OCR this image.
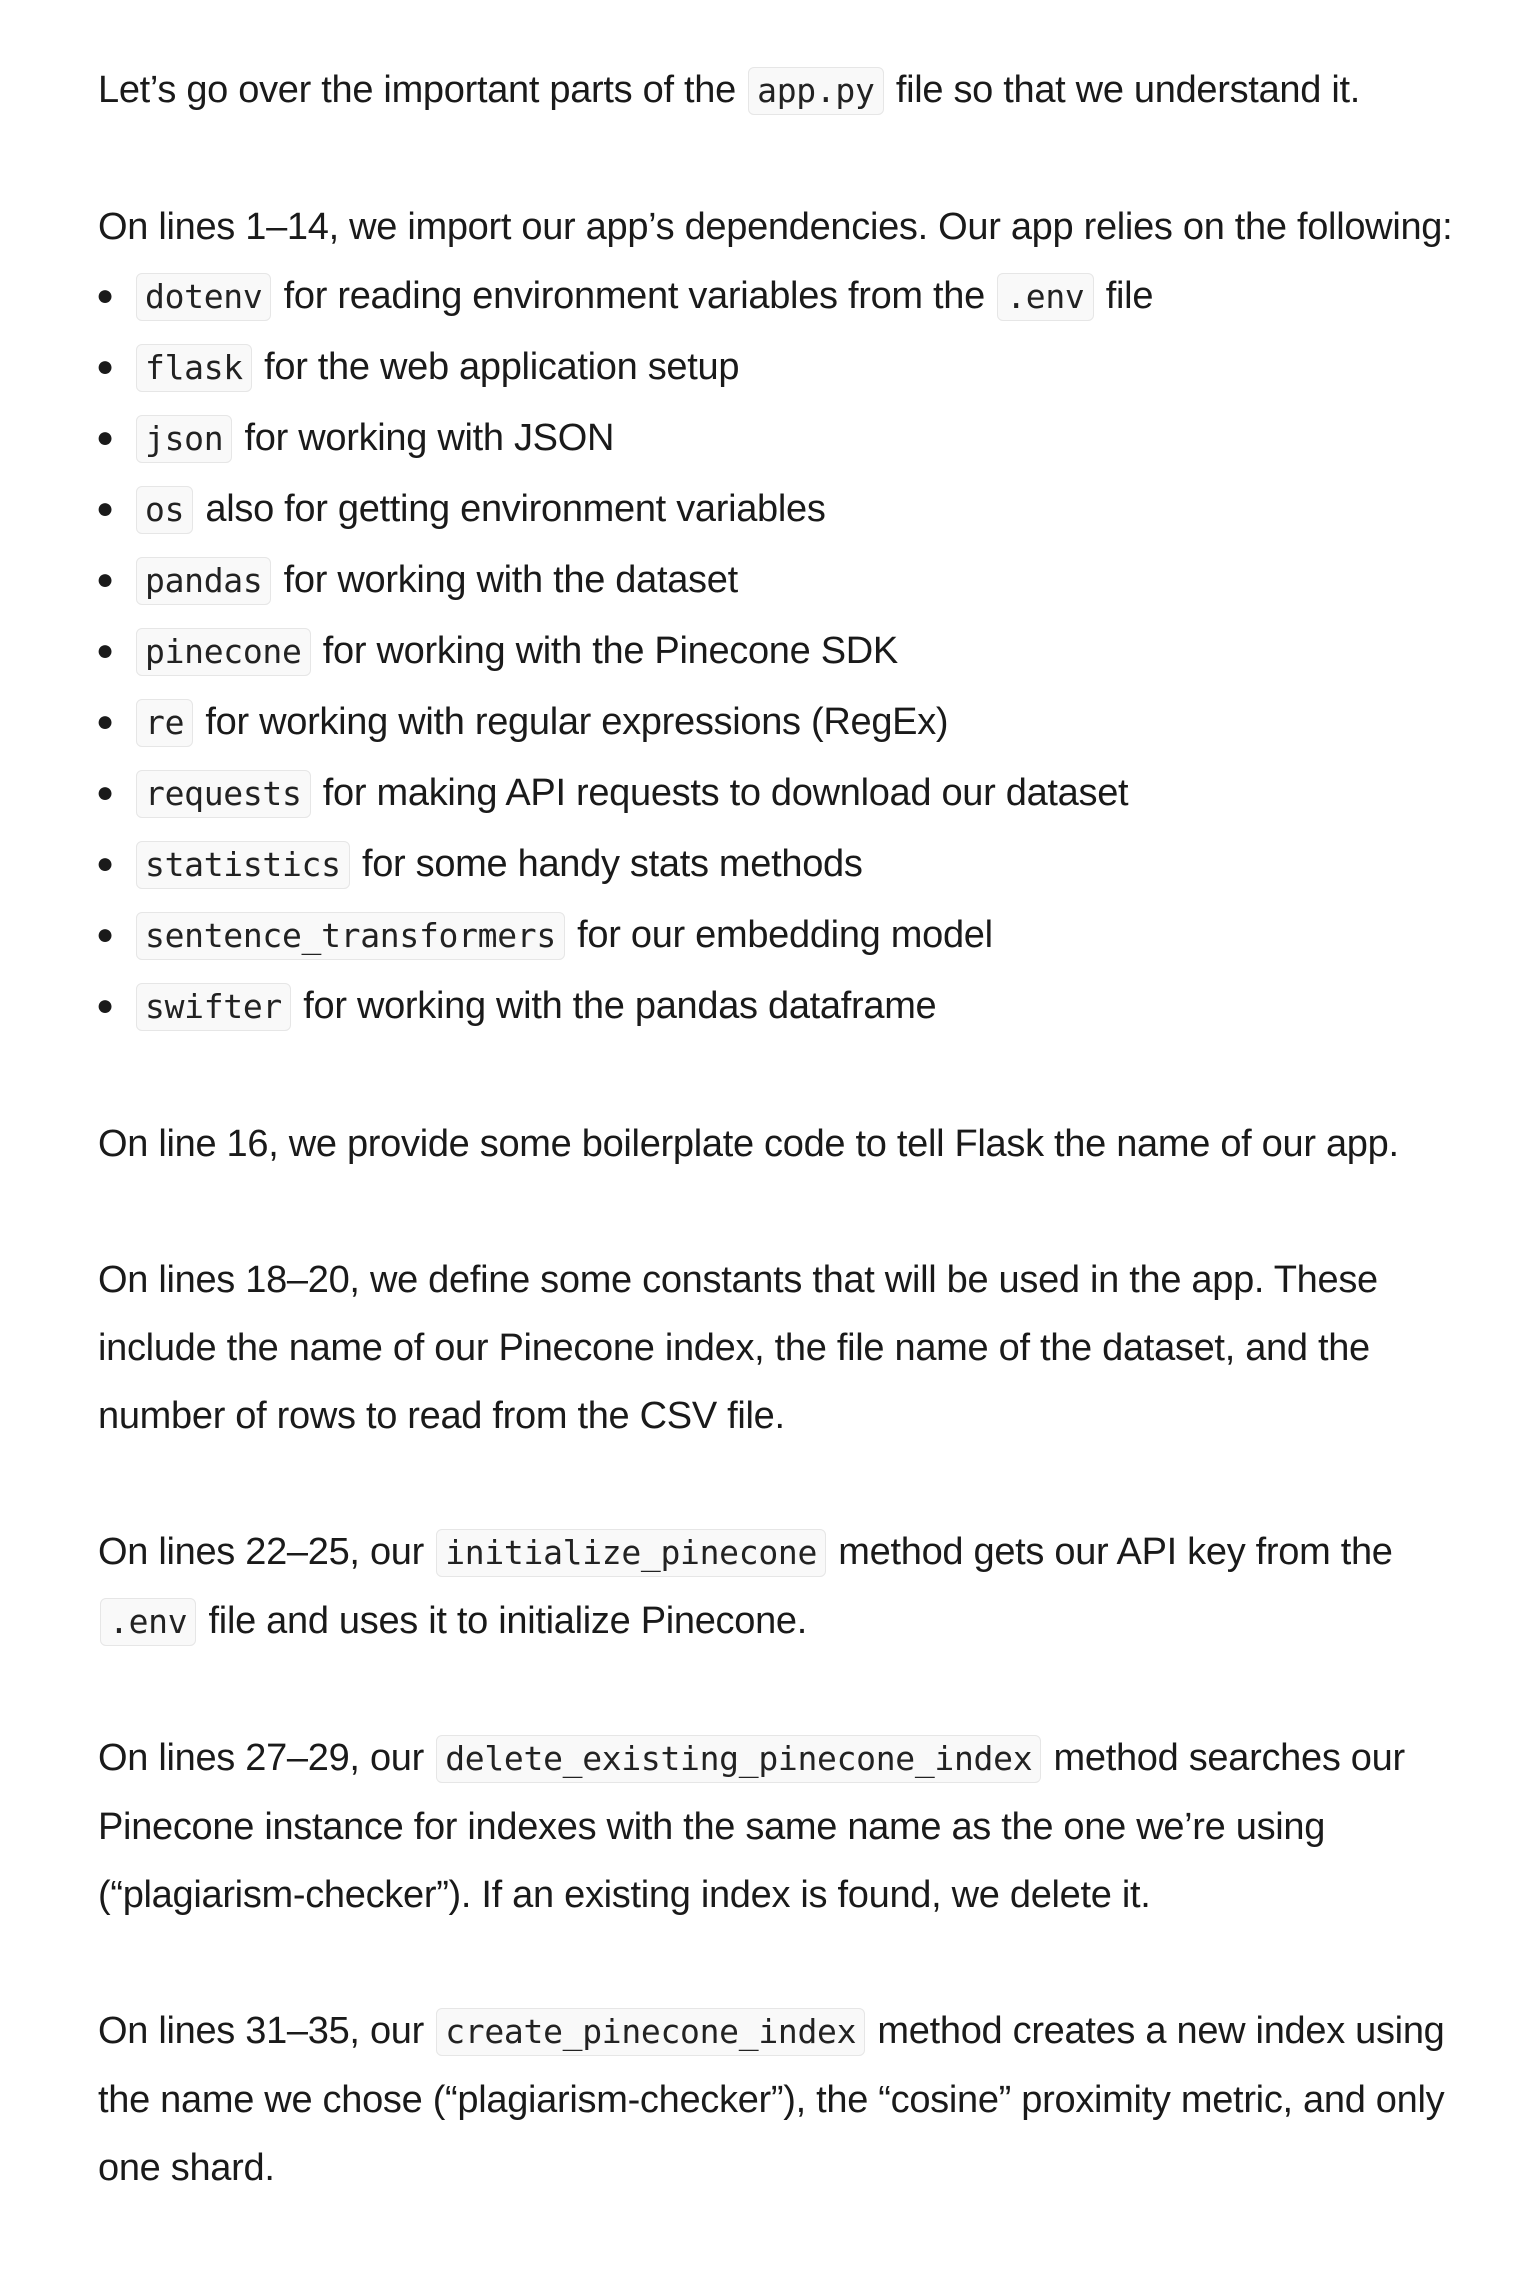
Let’s go over the important parts of the app.py file so that we understand it.

On lines 1–14, we import our app’s dependencies. Our app relies on the following:

● dotenv for reading environment variables from the .env file
● flask for the web application setup
● json for working with JSON
● os also for getting environment variables
● pandas for working with the dataset
● pinecone for working with the Pinecone SDK
● re for working with regular expressions (RegEx)
● requests for making API requests to download our dataset
● statistics for some handy stats methods
● sentence_transformers for our embedding model
● swifter for working with the pandas dataframe

On line 16, we provide some boilerplate code to tell Flask the name of our app.

On lines 18–20, we define some constants that will be used in the app. These include the name of our Pinecone index, the file name of the dataset, and the number of rows to read from the CSV file.

On lines 22–25, our initialize_pinecone method gets our API key from the .env file and uses it to initialize Pinecone.

On lines 27–29, our delete_existing_pinecone_index method searches our Pinecone instance for indexes with the same name as the one we’re using (“plagiarism-checker”). If an existing index is found, we delete it.

On lines 31–35, our create_pinecone_index method creates a new index using the name we chose (“plagiarism-checker”), the “cosine” proximity metric, and only one shard.
